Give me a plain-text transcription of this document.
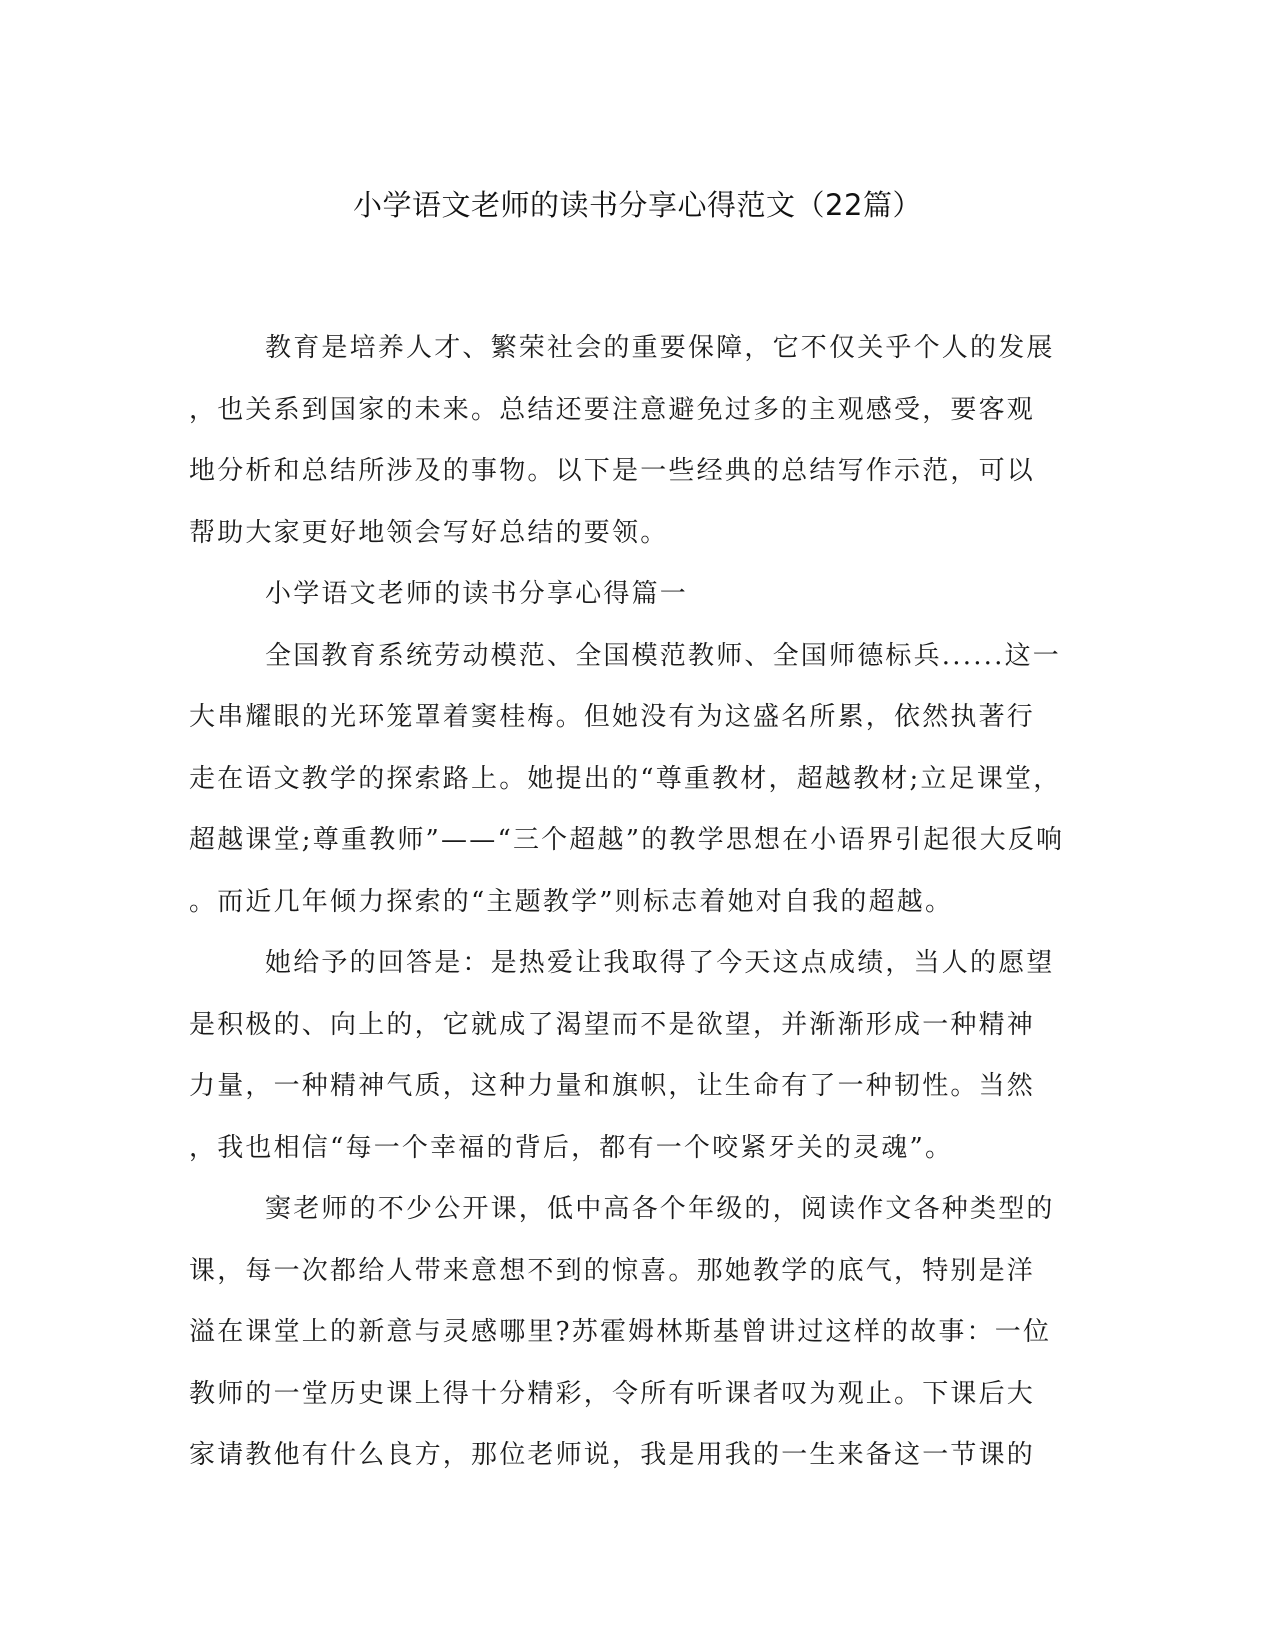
小学语文老师的读书分享心得范文（22篇）
教育是培养人才、繁荣社会的重要保障，它不仅关乎个人的发展
，也关系到国家的未来。总结还要注意避免过多的主观感受，要客观
地分析和总结所涉及的事物。以下是一些经典的总结写作示范，可以
帮助大家更好地领会写好总结的要领。
小学语文老师的读书分享心得篇一
全国教育系统劳动模范、全国模范教师、全国师德标兵......这一
大串耀眼的光环笼罩着窦桂梅。但她没有为这盛名所累，依然执著行
走在语文教学的探索路上。她提出的“尊重教材，超越教材;立足课堂，
超越课堂;尊重教师”——“三个超越”的教学思想在小语界引起很大反响
。而近几年倾力探索的“主题教学”则标志着她对自我的超越。
她给予的回答是：是热爱让我取得了今天这点成绩，当人的愿望
是积极的、向上的，它就成了渴望而不是欲望，并渐渐形成一种精神
力量，一种精神气质，这种力量和旗帜，让生命有了一种韧性。当然
，我也相信“每一个幸福的背后，都有一个咬紧牙关的灵魂”。
窦老师的不少公开课，低中高各个年级的，阅读作文各种类型的
课，每一次都给人带来意想不到的惊喜。那她教学的底气，特别是洋
溢在课堂上的新意与灵感哪里?苏霍姆林斯基曾讲过这样的故事：一位
教师的一堂历史课上得十分精彩，令所有听课者叹为观止。下课后大
家请教他有什么良方，那位老师说，我是用我的一生来备这一节课的
